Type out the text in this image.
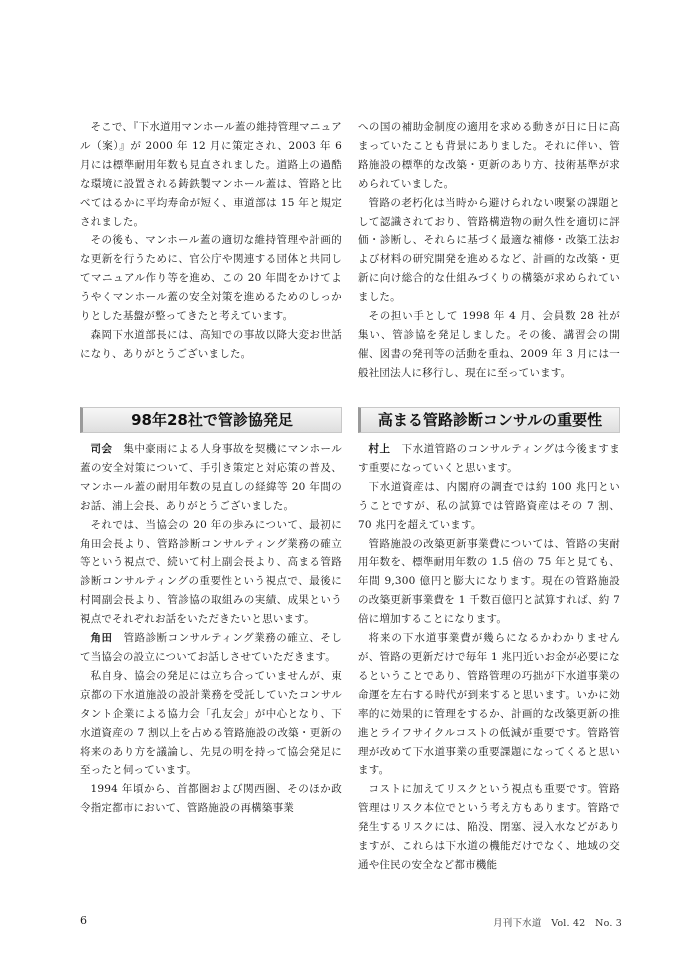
そこで、『下水道用マンホール蓋の維持管理マニュアル（案）』が 2000 年 12 月に策定され、2003 年 6 月には標準耐用年数も見直されました。道路上の過酷な環境に設置される鋳鉄製マンホール蓋は、管路と比べてはるかに平均寿命が短く、車道部は 15 年と規定されました。

その後も、マンホール蓋の適切な維持管理や計画的な更新を行うために、官公庁や関連する団体と共同してマニュアル作り等を進め、この 20 年間をかけてようやくマンホール蓋の安全対策を進めるためのしっかりとした基盤が整ってきたと考えています。

森岡下水道部長には、高知での事故以降大変お世話になり、ありがとうございました。

への国の補助金制度の適用を求める動きが日に日に高まっていたことも背景にありました。それに伴い、管路施設の標準的な改築・更新のあり方、技術基準が求められていました。

管路の老朽化は当時から避けられない喫緊の課題として認識されており、管路構造物の耐久性を適切に評価・診断し、それらに基づく最適な補修・改築工法および材料の研究開発を進めるなど、計画的な改築・更新に向け総合的な仕組みづくりの構築が求められていました。

その担い手として 1998 年 4 月、会員数 28 社が集い、管診協を発足しました。その後、講習会の開催、図書の発刊等の活動を重ね、2009 年 3 月には一般社団法人に移行し、現在に至っています。

98年28社で管診協発足	高まる管路診断コンサルの重要性

司会　 集中豪雨による人身事故を契機にマンホール蓋の安全対策について、手引き策定と対応策の普及、マンホール蓋の耐用年数の見直しの経緯等 20 年間のお話、浦上会長、ありがとうございました。

それでは、当協会の 20 年の歩みについて、最初に角田会長より、管路診断コンサルティング業務の確立等という視点で、続いて村上副会長より、高まる管路診断コンサルティングの重要性という視点で、最後に村岡副会長より、管診協の取組みの実績、成果という視点でそれぞれお話をいただきたいと思います。

角田　 管路診断コンサルティング業務の確立、そして当協会の設立についてお話しさせていただきます。

私自身、協会の発足には立ち合っていませんが、東京都の下水道施設の設計業務を受託していたコンサルタント企業による協力会「孔友会」が中心となり、下水道資産の 7 割以上を占める管路施設の改築・更新の将来のあり方を議論し、先見の明を持って協会発足に至ったと伺っています。

1994 年頃から、首都圏および関西圏、そのほか政令指定都市において、管路施設の再構築事業

村上　 下水道管路のコンサルティングは今後ますます重要になっていくと思います。

下水道資産は、内閣府の調査では約 100 兆円ということですが、私の試算では管路資産はその 7 割、70 兆円を超えています。

管路施設の改築更新事業費については、管路の実耐用年数を、標準耐用年数の 1.5 倍の 75 年と見ても、年間 9,300 億円と膨大になります。現在の管路施設の改築更新事業費を 1 千数百億円と試算すれば、約 7 倍に増加することになります。

将来の下水道事業費が幾らになるかわかりませんが、管路の更新だけで毎年 1 兆円近いお金が必要になるということであり、管路管理の巧拙が下水道事業の命運を左右する時代が到来すると思います。いかに効率的に効果的に管理をするか、計画的な改築更新の推進とライフサイクルコストの低減が重要です。管路管理が改めて下水道事業の重要課題になってくると思います。

コストに加えてリスクという視点も重要です。管路管理はリスク本位でという考え方もあります。管路で発生するリスクには、陥没、閉塞、浸入水などがありますが、これらは下水道の機能だけでなく、地域の交通や住民の安全など都市機能

6	月刊下水道　Vol. 42　No. 3
